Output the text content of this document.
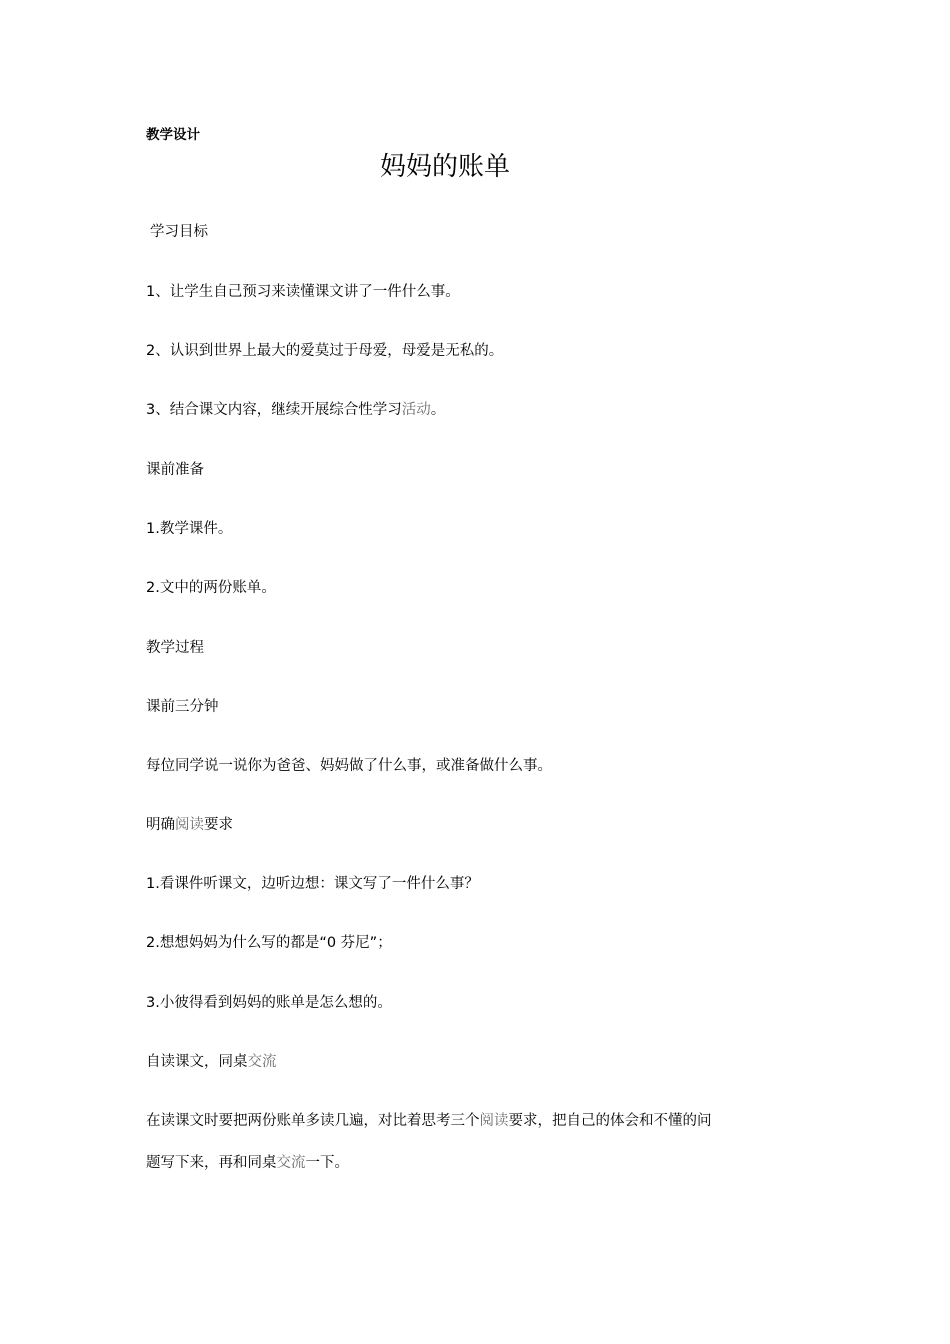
教学设计
妈妈的账单
学习目标
1、让学生自己预习来读懂课文讲了一件什么事。
2、认识到世界上最大的爱莫过于母爱，母爱是无私的。
3、结合课文内容，继续开展综合性学习活动。
课前准备
1.教学课件。
2.文中的两份账单。
教学过程
课前三分钟
每位同学说一说你为爸爸、妈妈做了什么事，或准备做什么事。
明确阅读要求
1.看课件听课文，边听边想：课文写了一件什么事？
2.想想妈妈为什么写的都是“0 芬尼”；
3.小彼得看到妈妈的账单是怎么想的。
自读课文，同桌交流
在读课文时要把两份账单多读几遍，对比着思考三个阅读要求，把自己的体会和不懂的问
题写下来，再和同桌交流一下。
